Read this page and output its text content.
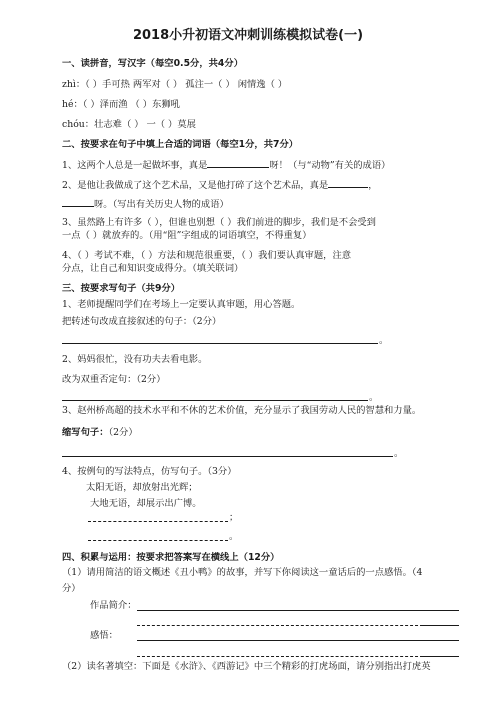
2018小升初语文冲刺训练模拟试卷(一)
一、读拼音，写汉字（每空0.5分，共4分）
zhì：（ ）手可热 两军对（ ） 孤注一（ ） 闲情逸（ ）
hé：（ ）泽而渔 （ ）东狮吼
chóu：壮志难（ ） 一（ ）莫展
二、按要求在句子中填上合适的词语（每空1分，共7分）
1、这两个人总是一起做坏事，真是	呀！（与“动物”有关的成语）
2、是他让我做成了这个艺术品，又是他打碎了这个艺术品，真是	，
呀。（写出有关历史人物的成语）
3、虽然路上有许多（ ），但谁也别想（ ）我们前进的脚步，我们是不会受到
一点（ ）就放弃的。（用“阻”字组成的词语填空，不得重复）
4、（ ）考试不难，（ ）方法和规范很重要，（ ）我们要认真审题，注意
分点，让自己和知识变成得分。（填关联词）
三、按要求写句子（共9分）
1、老师提醒同学们在考场上一定要认真审题，用心答题。
把转述句改成直接叙述的句子：（2分）
。
2、妈妈很忙，没有功夫去看电影。
改为双重否定句：（2分）
。
3、赵州桥高超的技术水平和不休的艺术价值，充分显示了我国劳动人民的智慧和力量。
缩写句子：（2分）
。
4、按例句的写法特点，仿写句子。（3分）
太阳无语，却放射出光辉；
大地无语，却展示出广博。
；
。
四、积累与运用：按要求把答案写在横线上（12分）
（1）请用简洁的语文概述《丑小鸭》的故事，并写下你阅读这一童话后的一点感悟。（4
分）
作品简介：
感悟：
（2）读名著填空：下面是《水浒》、《西游记》中三个精彩的打虎场面，请分别指出打虎英
